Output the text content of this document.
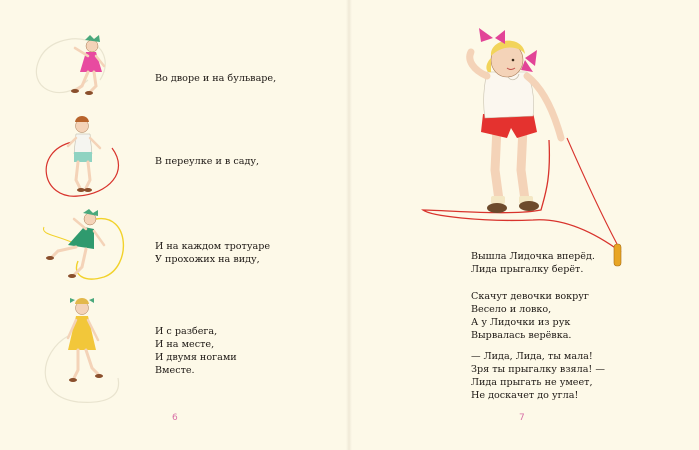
Во дворе и на бульваре,
В переулке и в саду,
И на каждом тротуаре
У прохожих на виду,
И с разбега,
И на месте,
И двумя ногами
Вместе.
6
Вышла Лидочка вперёд.
Лида прыгалку берёт.
Скачут девочки вокруг
Весело и ловко,
А у Лидочки из рук
Вырвалась верёвка.
— Лида, Лида, ты мала!
Зря ты прыгалку взяла! —
Лида прыгать не умеет,
Не доскачет до угла!
7
